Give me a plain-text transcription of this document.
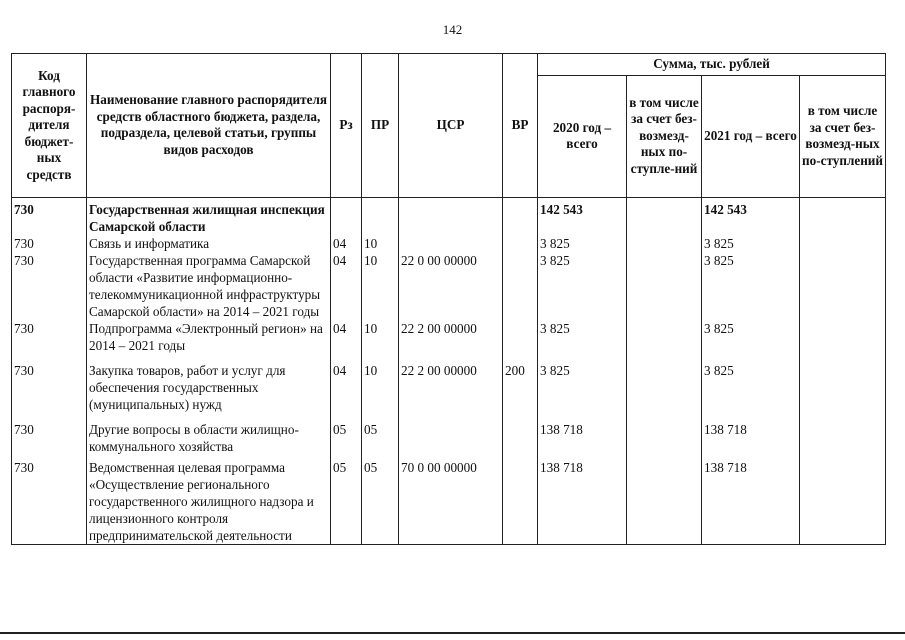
142
Код главного распоря-дителя бюджет-ных средств	Наименование главного распорядителя средств областного бюджета, раздела, подраздела, целевой статьи, группы видов расходов	Рз	ПР	ЦСР	ВР	Сумма, тыс. рублей			
						2020 год – всего	в том числе за счет без-возмезд-ных по-ступле-ний	2021 год – всего	в том числе за счет без-возмезд-ных по-ступлений
730	Государственная жилищная инспекция Самарской области					142 543		142 543	
730	Связь и информатика	04	10			3 825		3 825	
730	Государственная программа Самарской области «Развитие информационно-телекоммуникационной инфраструктуры Самарской области» на 2014 – 2021 годы	04	10	22 0 00 00000		3 825		3 825	
730	Подпрограмма «Электронный регион» на 2014 – 2021 годы	04	10	22 2 00 00000		3 825		3 825	
730	Закупка товаров, работ и услуг для обеспечения государственных (муниципальных) нужд	04	10	22 2 00 00000	200	3 825		3 825	
730	Другие вопросы в области жилищно-коммунального хозяйства	05	05			138 718		138 718	
730	Ведомственная целевая программа «Осуществление регионального государственного жилищного надзора и лицензионного контроля предпринимательской деятельности	05	05	70 0 00 00000		138 718		138 718	
